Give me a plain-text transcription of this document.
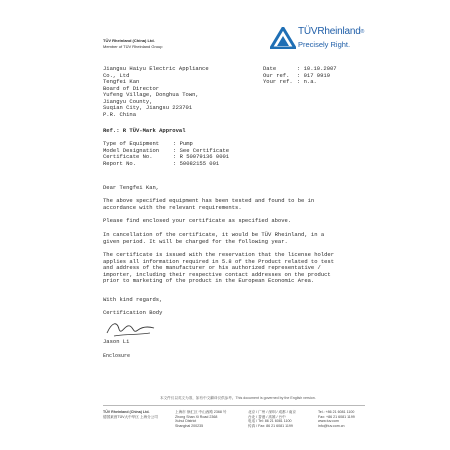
TÜV Rheinland (China) Ltd.
Member of TÜV Rheinland Group
TÜVRheinland®
Precisely Right.
Jiangsu Haiyu Electric Appliance
Co., Ltd
Tengfei Kan
Board of Director
Yufeng Village, Donghua Town,
Jiangyu County,
Suqian City, Jiangsu 223701
P.R. China
Date	: 10.10.2007
Our ref.	: 017 9919
Your ref. : n.a.
Ref.: R TÜV-Mark Approval
Type of Equipment	: Pump
Model Designation	: See Certificate
Certificate No.	: R 50079136 0001
Report No.	: 50082155 001
Dear Tengfei Kan,
The above specified equipment has been tested and found to be in
accordance with the relevant requirements.
Please find enclosed your certificate as specified above.
In cancellation of the certificate, it would be TÜV Rheinland, in a
given period. It will be charged for the following year.
The certificate is issued with the reservation that the license holder
applies all information required in 5.8 of the Product related to test
and address of the manufacturer or his authorized representative /
importer, including their respective contact addresses on the product
prior to marketing of the product in the European Economic Area.
With kind regards,
Certification Body
Jason Li
Enclosure
本文件仅以英文为准，如有中文翻译仅供参考。This document is governed by the English version.
TÜV Rheinland (China) Ltd.
德国莱茵TÜV大中华区 上海分公司
上海市 徐汇区 中山西路 2368 号
Zhong Shan Xi Road 2368
Xuhui District
Shanghai 200235
北京 / 广州 / 深圳 / 成都 / 南京
台北 / 香港 / 高雄 / 台中
电话 / Tel: 86 21 6081 1100
传真 / Fax: 86 21 6081 1199
Tel.: +86 21 6081 1100
Fax: +86 21 6081 1199
www.tuv.com
info@tuv.com.cn
